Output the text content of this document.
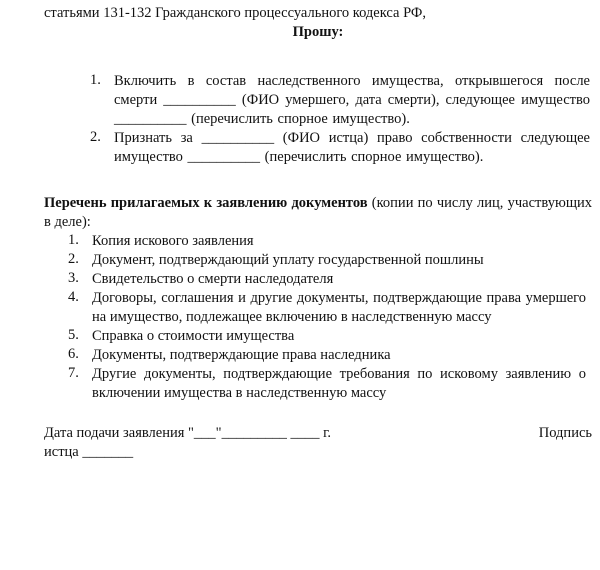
статьями 131-132 Гражданского процессуального кодекса РФ,
Прошу:
1. Включить в состав наследственного имущества, открывшегося после смерти __________ (ФИО умершего, дата смерти), следующее имущество __________ (перечислить спорное имущество).
2. Признать за __________ (ФИО истца) право собственности следующее имущество __________ (перечислить спорное имущество).
Перечень прилагаемых к заявлению документов (копии по числу лиц, участвующих в деле):
1. Копия искового заявления
2. Документ, подтверждающий уплату государственной пошлины
3. Свидетельство о смерти наследодателя
4. Договоры, соглашения и другие документы, подтверждающие права умершего на имущество, подлежащее включению в наследственную массу
5. Справка о стоимости имущества
6. Документы, подтверждающие права наследника
7. Другие документы, подтверждающие требования по исковому заявлению о включении имущества в наследственную массу
Дата подачи заявления "___"_________ ____ г.	Подпись
истца _______
